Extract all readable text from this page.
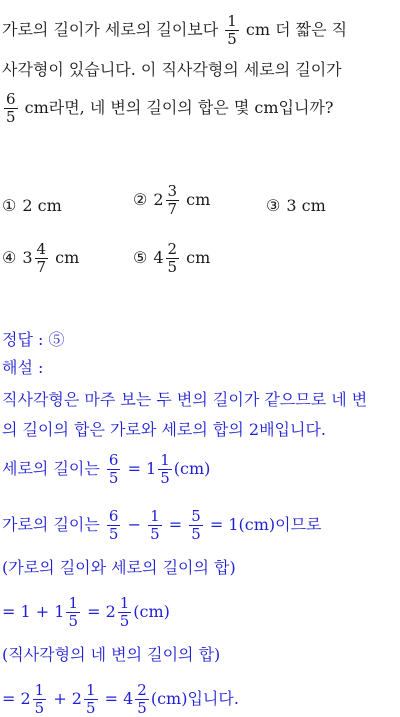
가로의 길이가 세로의 길이보다 $\frac{1}{5}$ cm 더 짧은 직
사각형이 있습니다. 이 직사각형의 세로의 길이가
$\frac{6}{5}$ cm라면, 네 변의 길이의 합은 몇 cm입니까?
① 2 cm	② $2 \frac{3}{7}$ cm	③ 3 cm
④ $3 \frac{4}{7}$ cm	⑤ $4 \frac{2}{5}$ cm
정답 : ⑤
해설 :
직사각형은 마주 보는 두 변의 길이가 같으므로 네 변
의 길이의 합은 가로와 세로의 합의 2배입니다.
세로의 길이는 $\frac{6}{5} = 1 \frac{1}{5} (cm)$
가로의 길이는 $\frac{6}{5} - \frac{1}{5} = \frac{5}{5} = 1(cm)$이므로
(가로의 길이와 세로의 길이의 합)
= $1 + 1 \frac{1}{5} = 2 \frac{1}{5} (cm)$
(직사각형의 네 변의 길이의 합)
= $2 \frac{1}{5} + 2 \frac{1}{5} = 4 \frac{2}{5} (cm)$입니다.
